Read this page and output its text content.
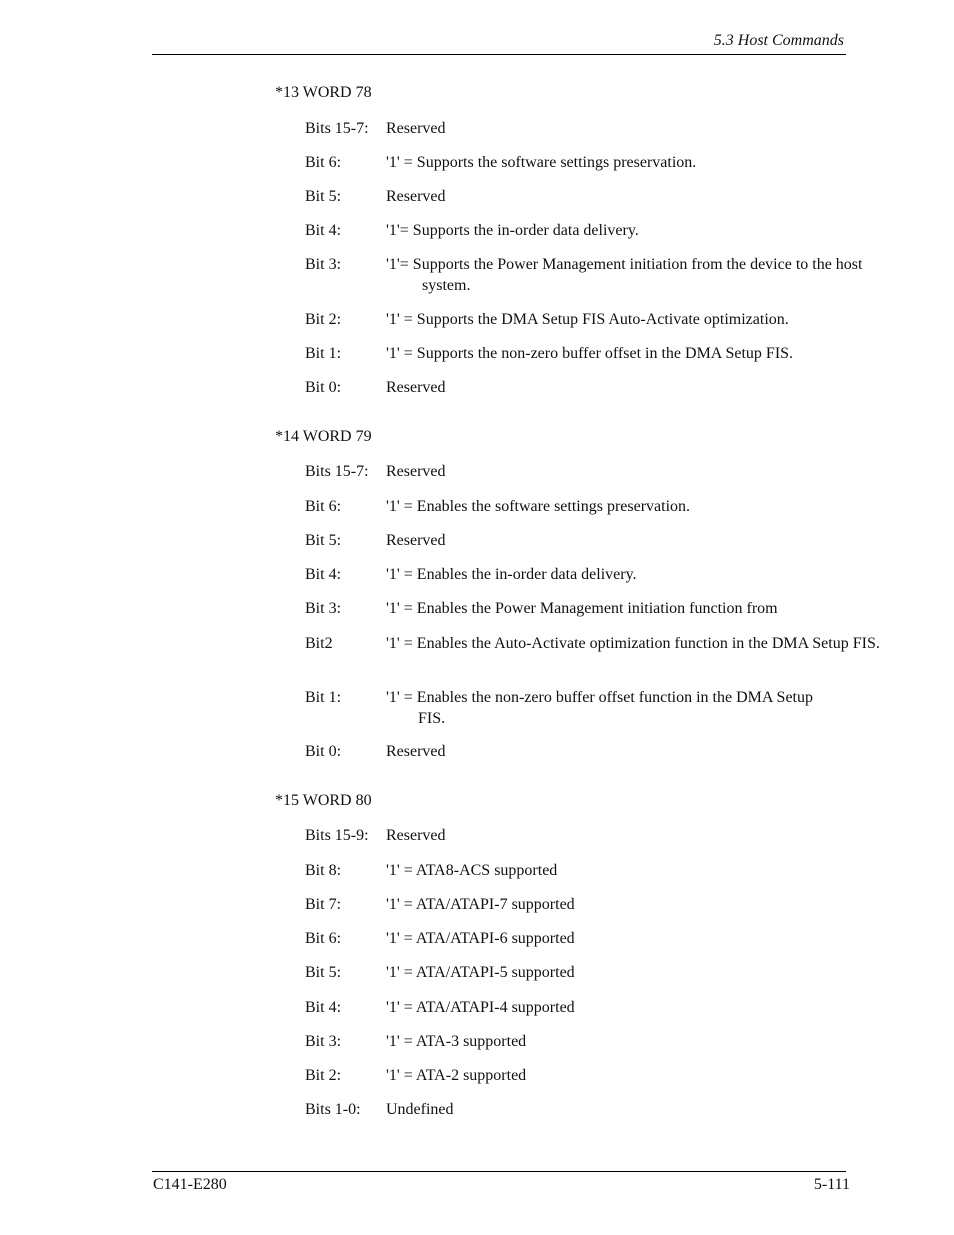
5.3 Host Commands
*13 WORD 78
Bits 15-7: Reserved
Bit 6:	'1' = Supports the software settings preservation.
Bit 5:	Reserved
Bit 4:	'1'= Supports the in-order data delivery.
Bit 3:	'1'= Supports the Power Management initiation from the device to the host system.
Bit 2:	'1' = Supports the DMA Setup FIS Auto-Activate optimization.
Bit 1:	'1' = Supports the non-zero buffer offset in the DMA Setup FIS.
Bit 0:	Reserved
*14 WORD 79
Bits 15-7: Reserved
Bit 6:	'1' = Enables the software settings preservation.
Bit 5:	Reserved
Bit 4:	'1' = Enables the in-order data delivery.
Bit 3:	'1' = Enables the Power Management initiation function from
Bit2	'1' = Enables the Auto-Activate optimization function in the DMA Setup FIS.
Bit 1:	'1' = Enables the non-zero buffer offset function in the DMA Setup FIS.
Bit 0:	Reserved
*15 WORD 80
Bits 15-9: Reserved
Bit 8:	'1' = ATA8-ACS supported
Bit 7:	'1' = ATA/ATAPI-7 supported
Bit 6:	'1' = ATA/ATAPI-6 supported
Bit 5:	'1' = ATA/ATAPI-5 supported
Bit 4:	'1' = ATA/ATAPI-4 supported
Bit 3:	'1' = ATA-3 supported
Bit 2:	'1' = ATA-2 supported
Bits 1-0: Undefined
C141-E280	5-111
